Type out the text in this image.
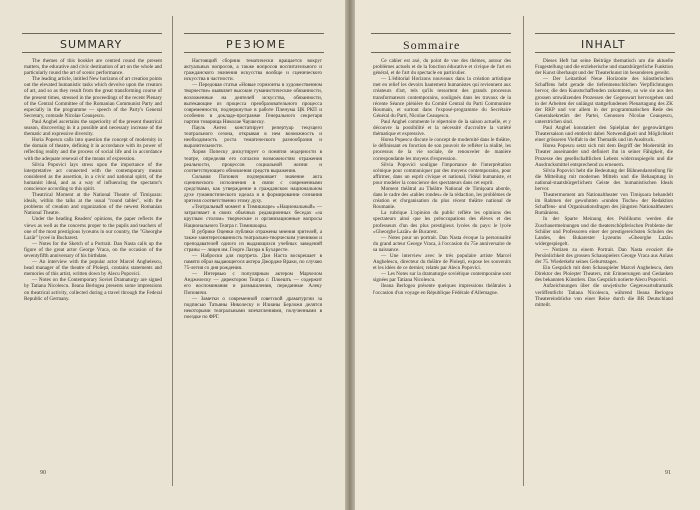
SUMMARY	РЕЗЮМЕ

The themes of this booklet are centred round the present matters, the educative and civic destination of art on the whole and particularly round the art of scenic performance.

The leading article, intitled New horizons of art creation points out the elevated humanistic tasks which devolve upon the creators of art, and so as they result from the great transforming course of the present times, stressed in the proceedings of the recent Plenary of the Central Committee of the Romanian Communist Party and especially in the programme — speech of the Party's General Secretary, comrade Nicolae Ceauşescu.

Paul Anghel ascertains the superiority of the present theatrical season, discovering in it a possible and necessary increase of the thematic and expressive diversity.

Horia Popescu calls into question the concept of modernity in the domain of theatre, defining it in accordance with its power of reflecting reality and the process of social life and in accordance with the adequate renewal of the means of expression.

Silvia Popovici lays stress upon the importance of the interpretative act connected with the contemporary means considered as the assertion, in a civic and national spirit, of the humanist ideal, and as a way of influencing the spectator's conscience according to this spirit.

Theatrical Moment at the National Theatre of Timişoara: ideals, within the talks at the usual "round tables", with the problems of creation and organization of the newest Romanian National Theatre.

Under the heading Readers' opinions, the paper reflects the views as well as the concerns proper to the pupils and teachers of one of the most prestigious lyceums in our country, the "Gheorghe Lazăr" lyceé in Bucharest.

— Notes for the Sketch of a Portrait. Dan Nasta calls up the figure of the great actor George Vraca, on the occasion of the seventyfifth anniversary of his birthdate.

— An interview with the popular actor Marcel Anghelescu, head manager of the theatre of Ploieşti, contains statements and memories of this artist, written down by Alecu Popovici.

— Notes on the Contemporary Soviet Dramaturgy are signed by Tatiana Nicolescu. Ileana Berlogea presents some impressions on theatrical activity, collected during a travel through the Federal Republic of Germany.

Настоящий сборник тематически вращается вокруг актуальных вопросов, а также вопросов воспитательного и гражданского значения искусства вообще и сценического искусства в частности.

— Передовая статья «Новые горизонты в художественном творчестве» выявляет высокие гуманистические обязанности, возложенные на деятелей искусства, обязанности, вытекающие из процесса преобразовательного процесса современности, подчеркнутые в работе Пленума ЦК РКП и особенно в докладе-программе Генерального секретаря партии товарища Николае Чаушеску.

Пауль Ангел констатирует репертуар текущего театрального сезона, открывая в нем возможность и необходимость роста тематического разнообразия и выразительности.

Хория Попеску дискутирует о понятии модерности в театре, определяя его согласно возможностям отражения реальности, процессов социальной жизни и соответствующего обновления средств выражения.

Сильвия Попович подчеркивает значение акта сценического исполнения в связи с современными средствами, как утверждение в гражданском национальном духе гуманистического идеала и в формировании сознания зрителя соответственно этому духу.

«Театральный момент в Тимишоаре» «Национальный» — затрагивает в своих обычных редакционных беседах «за круглым столом» творческие и организационные вопросы Национального Театра г. Тимишоары.

В рубрике Оценки публики отражены мнения зрителей, а также заинтересованность театрально-творческим учеником и преподавателей одного из выдающихся учебных заведений страны — лицея им. Георге Лазэра в Бухаресте.

— Наброски для портрета. Дан Наста воскрешает в памяти образ выдающегося актера Джордже Враки, по случаю 75-летия со дня рождения.

— Интервью с популярным актером Марчелом Анджелеску — директором Театра г. Плоешть — содержит его воспоминания и размышления, переданные Алеку Поповичи.

— Заметки о современной советской драматургии за подписью Татьяны Николеску и Илианы Берложя делятся некоторыми театральными впечатлениями, полученными в поездке по ФРГ.

90
Sommaire	INHALT

Ce cahier est axé, du point de vue des thèmes, autour des problèmes actuels et de la fonction éducative et civique de l'art en général, et de l'art du spectacle en particulier.

— L'éditorial Horizons nouveaux dans la création artistique met en relief les devoirs hautement humanistes qui reviennent aux créateurs d'art, tels qu'ils ressortent des grands processus transformateurs contemporains, soulignés dans les travaux de la récente Séance plénière du Comité Central du Parti Communiste Roumain, et surtout dans l'exposé-programme du Secrétaire Général du Parti, Nicolae Ceauşescu.

Paul Anghel commente le répertoire de la saison actuelle, et y découvre la possibilité et la nécessité d'accroître la variété thématique et expressive.

Horea Popescu discute le concept de modernité dans le théâtre, le définissant en fonction de son pouvoir de refléter la réalité, les processus de la vie sociale, de renouveler de manière correspondante les moyens d'expression.

Silvia Popovici souligne l'importance de l'interprétation scénique pour communiquer par des moyens contemporains, pour affirmer, dans un esprit civique et national, l'idéal humaniste, et pour modeler la conscience des spectateurs dans cet esprit.

Moment théâtral au Théâtre National de Timişoara aborde, dans le cadre des «tables rondes» de la rédaction, les problèmes de création et d'organisation du plus récent théâtre national de Roumanie.

La rubrique L'opinion du public reflète les opinions des spectateurs ainsi que les préoccupations des élèves et des professeurs d'un des plus prestigieux lycées du pays: le lycée «Gheorghe Lazăr» de Bucarest.

— Notes pour un portrait. Dan Nasta évoque la personnalité du grand acteur George Vraca, à l'occasion du 75e anniversaire de sa naissance.

— Une interview avec le très populaire artiste Marcel Anghelescu, directeur du théâtre de Ploieşti, expose les souvenirs et les idées de ce dernier, relatés par Alecu Popovici.

— Les Notes sur la dramaturgie soviétique contemporaine sont signées par Tatiana Nicolescu.

Ileana Berlogea présente quelques impressions théâtrales à l'occasion d'un voyage en République Fédérale d'Allemagne.

Dieses Heft hat seine Beiträge thematisch um die aktuelle Fragestellung und die erzieherische und staatsbürgerliche Funktion der Kunst überhaupt und der Theaterkunst im besonderen gereiht.

— Der Leitartikel Neue Horizonte des künstlerischen Schaffens hebt gerade die tiefenmenschlichen Verpflichtungen hervor, die den Kunstschaffenden zukommen, so wie sie aus den grossen umwälzenden Prozessen der Gegenwart hervorgehen und in der Arbeiten der unlängst stattgefundenen Plenartagung des ZK der RKP und vor allem in der programmatischen Rede des Generalsekretärs der Partei, Genossen Nicolae Ceauşescu, unterstrichen sind.

Paul Anghel konstatiert den Spielplan der gegenwärtigen Theatersaison und entdeckt dabei Notwendigkeit und Möglichkeit einer grösseren Vielfalt in der Thematik und im Ausdruck.

Horea Popescu setzt sich mit dem Begriff der Modernität im Theater auseinander und definiert ihn in seiner Fähigkeit, die Prozesse des gesellschaftlichen Lebens widerzuspiegeln und die Ausdrucksmittel entsprechend zu erneuern.

Silvia Popovici hebt die Bedeutung der Bühnendarstellung für die Mitteilung mit modernen Mitteln und die Behauptung in national-staatsbürgerlichem Geiste des humanistischen Ideals hervor.

Theatermoment am Nationaltheater von Timişoara behandelt im Rahmen der gewohnten «runden Tische» der Redaktion Schaffens- und Organisationsfragen des jüngsten Nationaltheaters Rumäniens.

In der Sparte Meinung des Publikums werden die Zuschauermeinungen und die theaterschöpferischen Probleme der Schüler und Professoren einer der prestigereichsten Schulen des Landes, des Bukarester Lyzeums «Gheorghe Lazăr» widergespiegelt.

— Notizen zu einem Portrait. Dan Nasta evoziert die Persönlichkeit des grossen Schauspielers George Vraca aus Anlass der 75. Wiederkehr seines Geburtstages.

Ein Gespräch mit dem Schauspieler Marcel Anghelescu, dem Direktor des Ploieşter Theaters, mit Erinnerungen und Gedanken des bekannten Künstlers. Das Gespräch notierte Alecu Popovici.

Aufzeichnungen über die sowjetische Gegenwartsdramatik veröffentlicht Tatiana Nicolescu, während Ileana Berlogea Theatereindrücke von einer Reise durch die BR Deutschland mitteilt.

91
